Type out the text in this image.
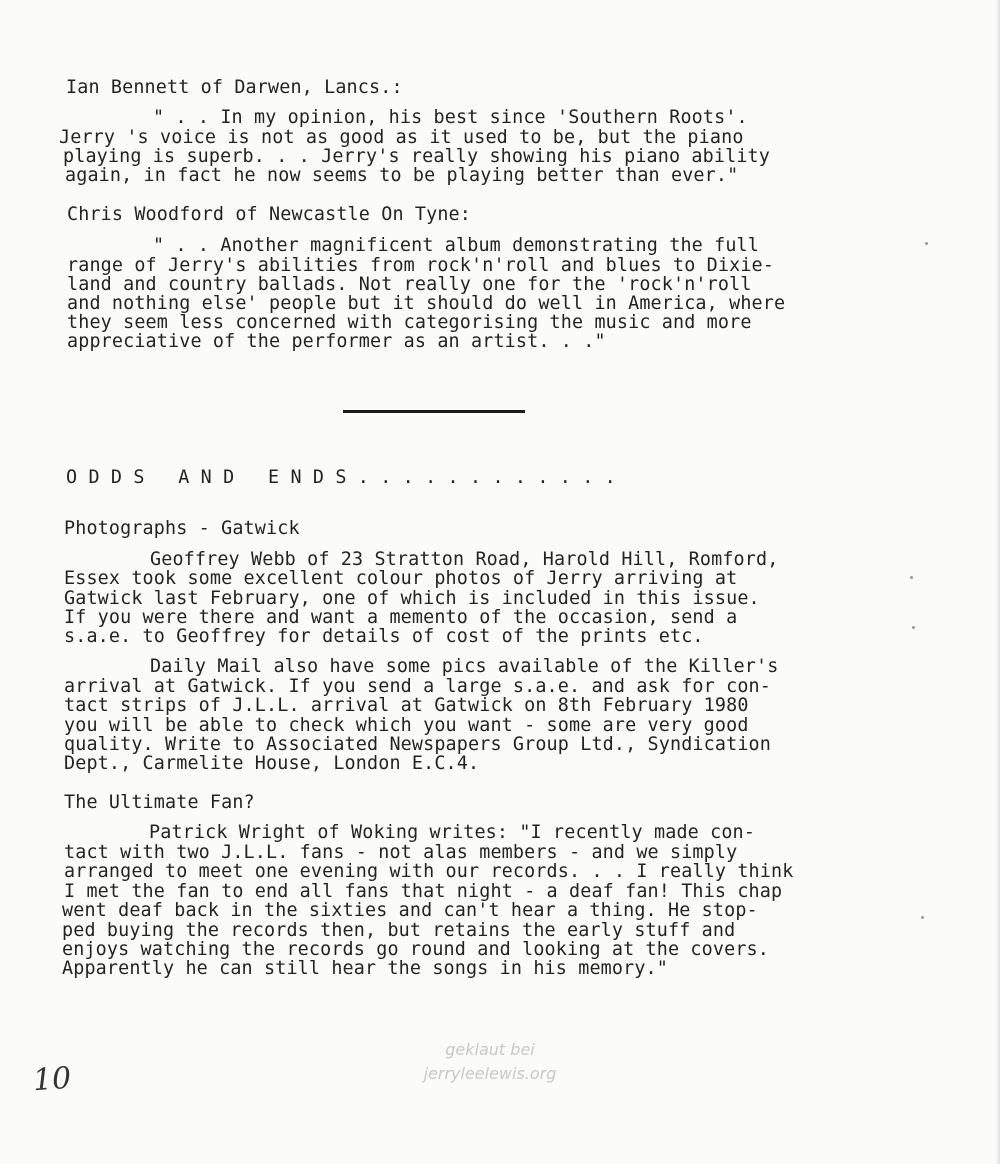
Ian Bennett of Darwen, Lancs.:
" . . In my opinion, his best since 'Southern Roots'.
Jerry 's voice is not as good as it used to be, but the piano
playing is superb. . . Jerry's really showing his piano ability
again, in fact he now seems to be playing better than ever."
Chris Woodford of Newcastle On Tyne:
" . . Another magnificent album demonstrating the full
range of Jerry's abilities from rock'n'roll and blues to Dixie-
land and country ballads. Not really one for the 'rock'n'roll
and nothing else' people but it should do well in America, where
they seem less concerned with categorising the music and more
appreciative of the performer as an artist. . ."
O D D S   A N D   E N D S . . . . . . . . . . . .
Photographs - Gatwick
Geoffrey Webb of 23 Stratton Road, Harold Hill, Romford,
Essex took some excellent colour photos of Jerry arriving at
Gatwick last February, one of which is included in this issue.
If you were there and want a memento of the occasion, send a
s.a.e. to Geoffrey for details of cost of the prints etc.
Daily Mail also have some pics available of the Killer's
arrival at Gatwick. If you send a large s.a.e. and ask for con-
tact strips of J.L.L. arrival at Gatwick on 8th February 1980
you will be able to check which you want - some are very good
quality. Write to Associated Newspapers Group Ltd., Syndication
Dept., Carmelite House, London E.C.4.
The Ultimate Fan?
Patrick Wright of Woking writes: "I recently made con-
tact with two J.L.L. fans - not alas members - and we simply
arranged to meet one evening with our records. . . I really think
I met the fan to end all fans that night - a deaf fan! This chap
went deaf back in the sixties and can't hear a thing. He stop-
ped buying the records then, but retains the early stuff and
enjoys watching the records go round and looking at the covers.
Apparently he can still hear the songs in his memory."
10
geklaut bei
jerryleelewis.org
